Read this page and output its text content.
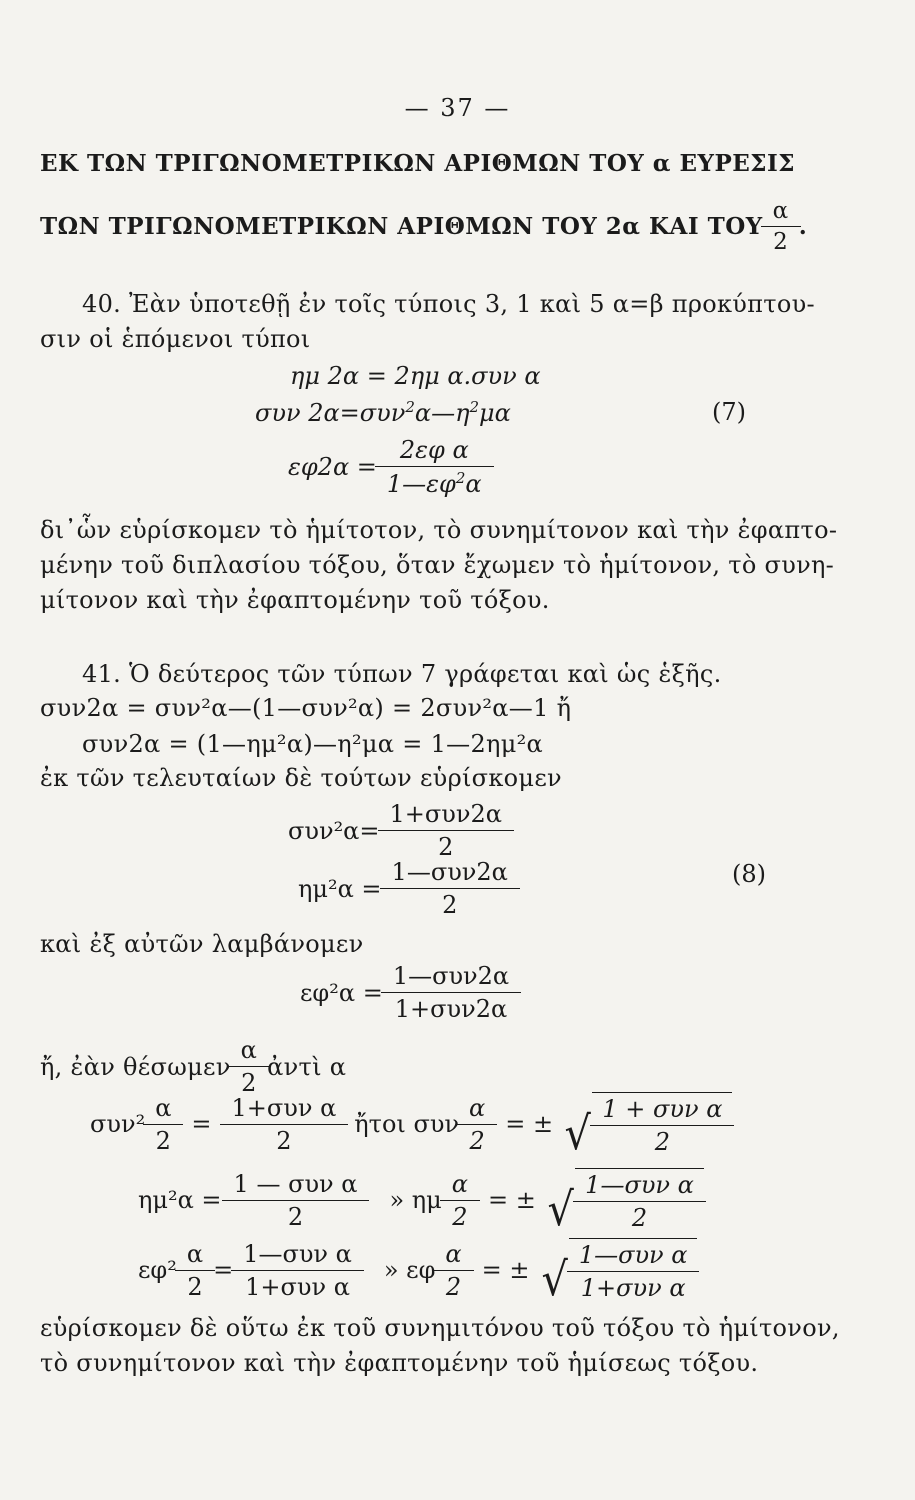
— 37 —
ΕΚ ΤΩΝ ΤΡΙΓΩΝΟΜΕΤΡΙΚΩΝ ΑΡΙΘΜΩΝ ΤΟΥ α ΕΥΡΕΣΙΣ
ΤΩΝ ΤΡΙΓΩΝΟΜΕΤΡΙΚΩΝ ΑΡΙΘΜΩΝ ΤΟΥ 2α ΚΑΙ ΤΟΥ $\frac{\alpha}{2}$ .
40. Ἐὰν ὑποτεθῇ ἐν τοῖς τύποις 3, 1 καὶ 5 α=β προκύπτου-
σιν οἱ ἑπόμενοι τύποι
ημ 2α = 2ημ α.συν α
συν $2\alpha=\sigma\upsilon\nu^2\alpha—\eta^2\mu\alpha$	(7)
$\varepsilon\varphi 2\alpha = \frac{\text{2εφ α}}{1—\varepsilon\varphi^2\alpha}$
δι᾿ὧν εὑρίσκομεν τὸ ἡμίτοτον, τὸ συνημίτονον καὶ τὴν ἐφαπτο-
μένην τοῦ διπλασίου τόξου, ὅταν ἔχωμεν τὸ ἡμίτονον, τὸ συνη-
μίτονον καὶ τὴν ἐφαπτομένην τοῦ τόξου.
41. Ὁ δεύτερος τῶν τύπων 7 γράφεται καὶ ὡς ἑξῆς.
συν2α = συν²α—(1—συν²α) = 2συν²α—1 ἤ
συν2α = (1—ημ²α)—η²μα = 1—2ημ²α
ἐκ τῶν τελευταίων δὲ τούτων εὑρίσκομεν
$\sigma\upsilon\nu^2\alpha= \frac{\text{1+συν2α}}{2}$
$\eta\mu^2\alpha = \frac{\text{1—συν2α}}{2}$	(8)
καὶ ἐξ αὐτῶν λαμβάνομεν
$\varepsilon\varphi^2\alpha = \frac{\text{1—συν2α}}{\text{1+συν2α}}$
ἤ, ἐὰν θέσωμεν $\frac{\alpha}{2}$ ἀντὶ α
$\sigma\upsilon\nu^2 \frac{\alpha}{2} = \frac{\text{1+συν α}}{2}$ ἤτοι συν $\frac{\alpha}{2}$ = ± √ $\frac{\text{1 + συν α}}{2}$
$\eta\mu^2\alpha = \frac{\text{1 — συν α}}{2}$ » ημ $\frac{\alpha}{2}$ = ± √ $\frac{\text{1—συν α}}{2}$
$\varepsilon\varphi^2 \frac{\alpha}{2} = \frac{\text{1—συν α}}{\text{1+συν α}}$ » εφ $\frac{\alpha}{2}$ = ± √ $\frac{\text{1—συν α}}{\text{1+συν α}}$
εὑρίσκομεν δὲ οὕτω ἐκ τοῦ συνημιτόνου τοῦ τόξου τὸ ἡμίτονον,
τὸ συνημίτονον καὶ τὴν ἐφαπτομένην τοῦ ἡμίσεως τόξου.
